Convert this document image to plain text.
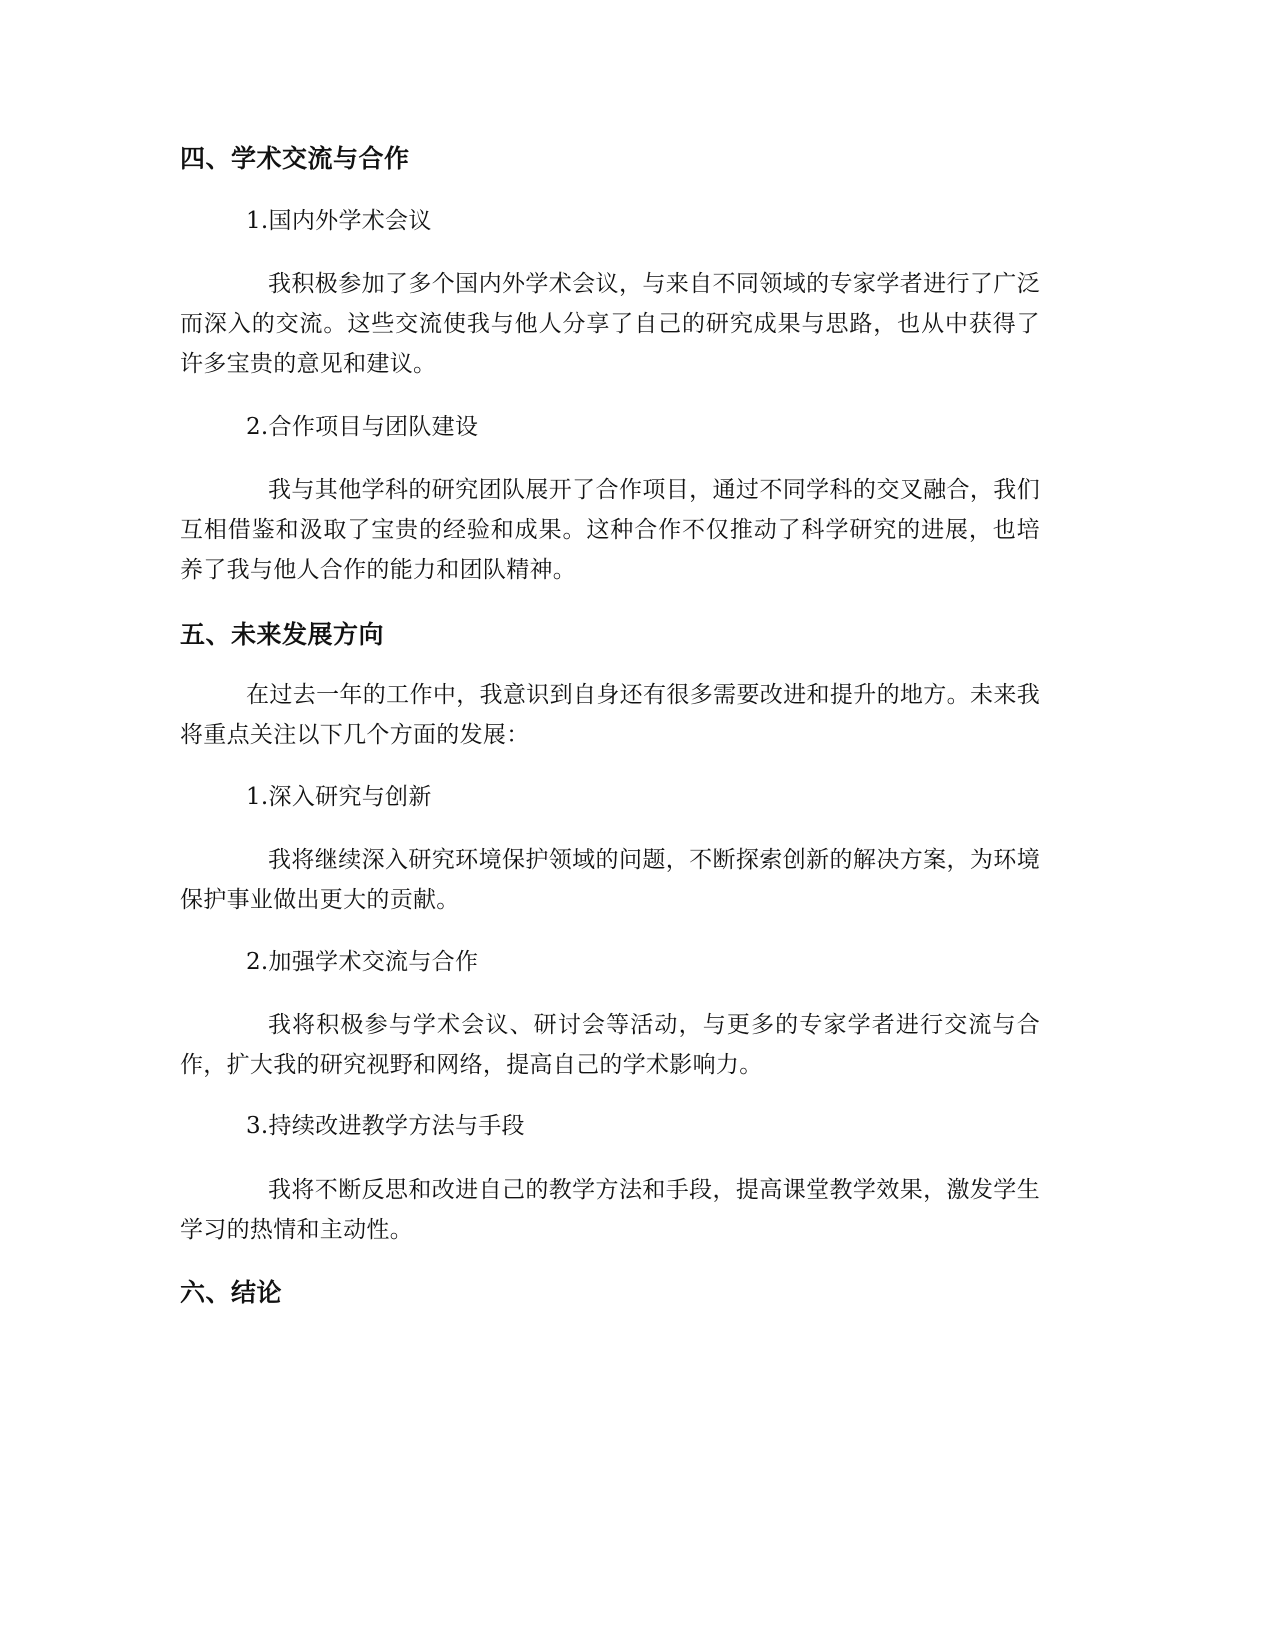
四、学术交流与合作

1.国内外学术会议

我积极参加了多个国内外学术会议，与来自不同领域的专家学者进行了广泛而深入的交流。这些交流使我与他人分享了自己的研究成果与思路，也从中获得了许多宝贵的意见和建议。

2.合作项目与团队建设

我与其他学科的研究团队展开了合作项目，通过不同学科的交叉融合，我们互相借鉴和汲取了宝贵的经验和成果。这种合作不仅推动了科学研究的进展，也培养了我与他人合作的能力和团队精神。

五、未来发展方向

在过去一年的工作中，我意识到自身还有很多需要改进和提升的地方。未来我将重点关注以下几个方面的发展：

1.深入研究与创新

我将继续深入研究环境保护领域的问题，不断探索创新的解决方案，为环境保护事业做出更大的贡献。

2.加强学术交流与合作

我将积极参与学术会议、研讨会等活动，与更多的专家学者进行交流与合作，扩大我的研究视野和网络，提高自己的学术影响力。

3.持续改进教学方法与手段

我将不断反思和改进自己的教学方法和手段，提高课堂教学效果，激发学生学习的热情和主动性。

六、结论
